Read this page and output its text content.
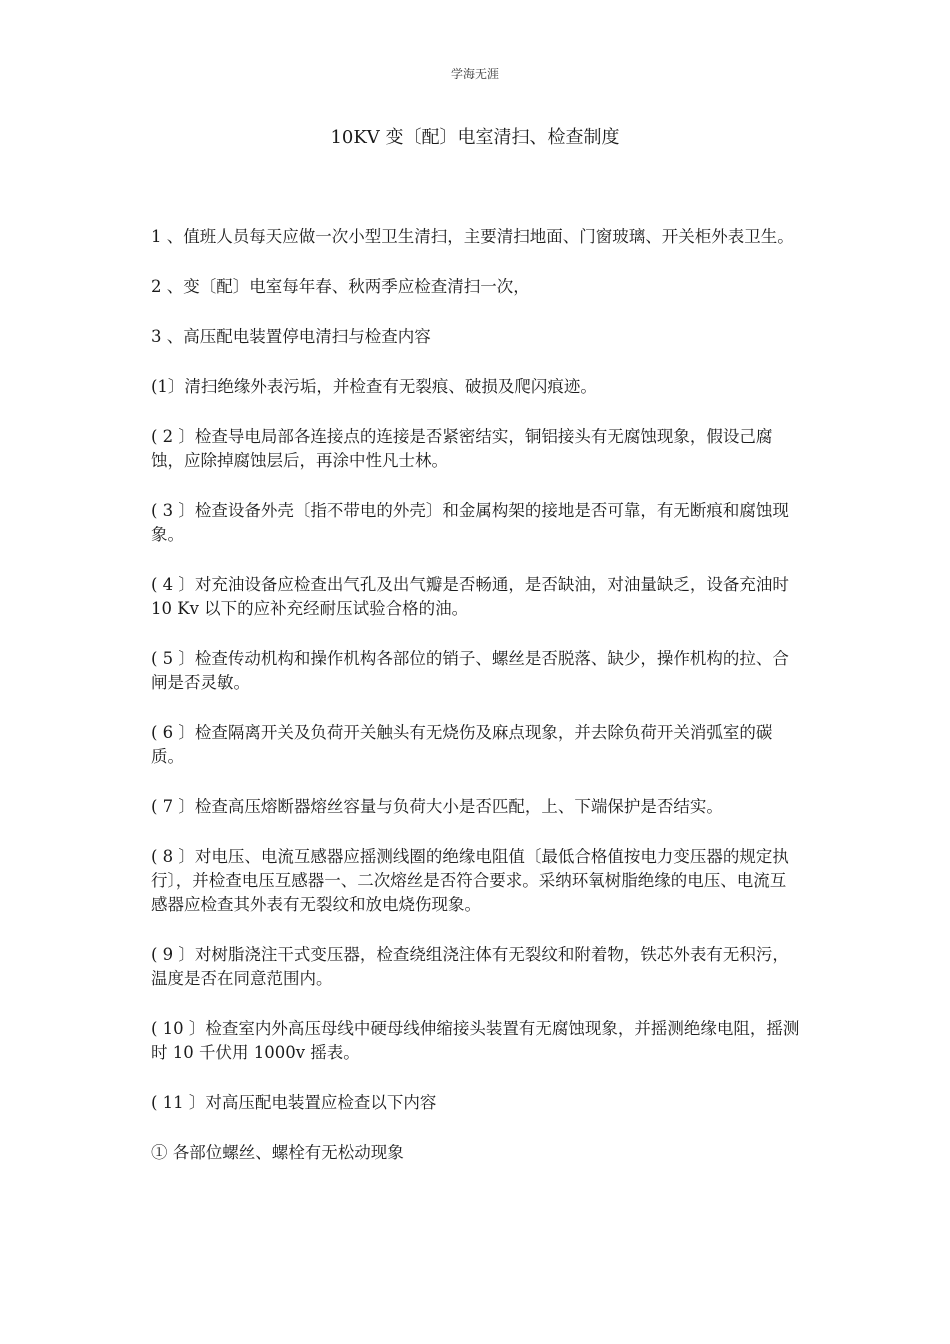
学海无涯
10KV 变〔配〕电室清扫、检查制度

1 、值班人员每天应做一次小型卫生清扫，主要清扫地面、门窗玻璃、开关柜外表卫生。

2 、变〔配〕电室每年春、秋两季应检查清扫一次，

3 、高压配电装置停电清扫与检查内容

(1〕清扫绝缘外表污垢，并检查有无裂痕、破损及爬闪痕迹。

( 2 〕检查导电局部各连接点的连接是否紧密结实，铜铝接头有无腐蚀现象，假设己腐蚀，应除掉腐蚀层后，再涂中性凡士林。

( 3 〕检查设备外壳〔指不带电的外壳〕和金属构架的接地是否可靠，有无断痕和腐蚀现象。

( 4 〕对充油设备应检查出气孔及出气瓣是否畅通，是否缺油，对油量缺乏，设备充油时 10 Kv 以下的应补充经耐压试验合格的油。

( 5 〕检查传动机构和操作机构各部位的销子、螺丝是否脱落、缺少，操作机构的拉、合闸是否灵敏。

( 6 〕检查隔离开关及负荷开关触头有无烧伤及麻点现象，并去除负荷开关消弧室的碳质。

( 7 〕检查高压熔断器熔丝容量与负荷大小是否匹配，上、下端保护是否结实。

( 8 〕对电压、电流互感器应摇测线圈的绝缘电阻值〔最低合格值按电力变压器的规定执行〕，并检查电压互感器一、二次熔丝是否符合要求。采纳环氧树脂绝缘的电压、电流互感器应检查其外表有无裂纹和放电烧伤现象。

( 9 〕对树脂浇注干式变压器，检查绕组浇注体有无裂纹和附着物，铁芯外表有无积污，温度是否在同意范围内。

( 10 〕检查室内外高压母线中硬母线伸缩接头装置有无腐蚀现象，并摇测绝缘电阻，摇测时 10 千伏用 1000v 摇表。

( 11 〕对高压配电装置应检查以下内容

① 各部位螺丝、螺栓有无松动现象
